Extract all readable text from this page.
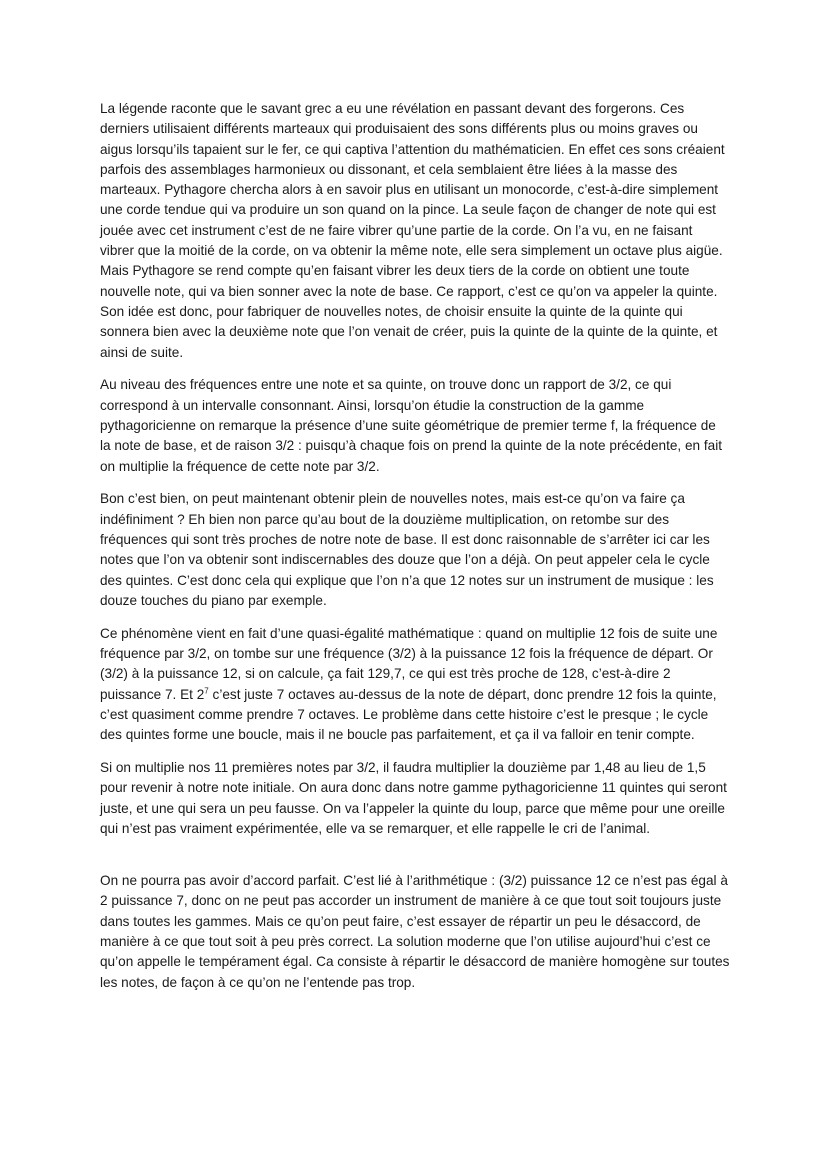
La légende raconte que le savant grec a eu une révélation en passant devant des forgerons. Ces derniers utilisaient différents marteaux qui produisaient des sons différents plus ou moins graves ou aigus lorsqu’ils tapaient sur le fer, ce qui captiva l’attention du mathématicien. En effet ces sons créaient parfois des assemblages harmonieux ou dissonant, et cela semblaient être liées à la masse des marteaux. Pythagore chercha alors à en savoir plus en utilisant un monocorde, c’est-à-dire simplement une corde tendue qui va produire un son quand on la pince. La seule façon de changer de note qui est jouée avec cet instrument c’est de ne faire vibrer qu’une partie de la corde. On l’a vu, en ne faisant vibrer que la moitié de la corde, on va obtenir la même note, elle sera simplement un octave plus aigüe. Mais Pythagore se rend compte qu’en faisant vibrer les deux tiers de la corde on obtient une toute nouvelle note, qui va bien sonner avec la note de base. Ce rapport, c’est ce qu’on va appeler la quinte. Son idée est donc, pour fabriquer de nouvelles notes, de choisir ensuite la quinte de la quinte qui sonnera bien avec la deuxième note que l’on venait de créer, puis la quinte de la quinte de la quinte, et ainsi de suite.

Au niveau des fréquences entre une note et sa quinte, on trouve donc un rapport de 3/2, ce qui correspond à un intervalle consonnant. Ainsi, lorsqu’on étudie la construction de la gamme pythagoricienne on remarque la présence d’une suite géométrique de premier terme f, la fréquence de la note de base, et de raison 3/2 : puisqu’à chaque fois on prend la quinte de la note précédente, en fait on multiplie la fréquence de cette note par 3/2.

Bon c’est bien, on peut maintenant obtenir plein de nouvelles notes, mais est-ce qu’on va faire ça indéfiniment ? Eh bien non parce qu’au bout de la douzième multiplication, on retombe sur des fréquences qui sont très proches de notre note de base. Il est donc raisonnable de s’arrêter ici car les notes que l’on va obtenir sont indiscernables des douze que l’on a déjà. On peut appeler cela le cycle des quintes. C’est donc cela qui explique que l’on n’a que 12 notes sur un instrument de musique : les douze touches du piano par exemple.

Ce phénomène vient en fait d’une quasi-égalité mathématique : quand on multiplie 12 fois de suite une fréquence par 3/2, on tombe sur une fréquence (3/2) à la puissance 12 fois la fréquence de départ. Or (3/2) à la puissance 12, si on calcule, ça fait 129,7, ce qui est très proche de 128, c’est-à-dire 2 puissance 7. Et $2^7$ c’est juste 7 octaves au-dessus de la note de départ, donc prendre 12 fois la quinte, c’est quasiment comme prendre 7 octaves. Le problème dans cette histoire c’est le presque ; le cycle des quintes forme une boucle, mais il ne boucle pas parfaitement, et ça il va falloir en tenir compte.

Si on multiplie nos 11 premières notes par 3/2, il faudra multiplier la douzième par 1,48 au lieu de 1,5 pour revenir à notre note initiale. On aura donc dans notre gamme pythagoricienne 11 quintes qui seront juste, et une qui sera un peu fausse. On va l’appeler la quinte du loup, parce que même pour une oreille qui n’est pas vraiment expérimentée, elle va se remarquer, et elle rappelle le cri de l’animal.

On ne pourra pas avoir d’accord parfait. C’est lié à l’arithmétique : (3/2) puissance 12 ce n’est pas égal à 2 puissance 7, donc on ne peut pas accorder un instrument de manière à ce que tout soit toujours juste dans toutes les gammes. Mais ce qu’on peut faire, c’est essayer de répartir un peu le désaccord, de manière à ce que tout soit à peu près correct. La solution moderne que l’on utilise aujourd’hui c’est ce qu’on appelle le tempérament égal. Ca consiste à répartir le désaccord de manière homogène sur toutes les notes, de façon à ce qu’on ne l’entende pas trop.
